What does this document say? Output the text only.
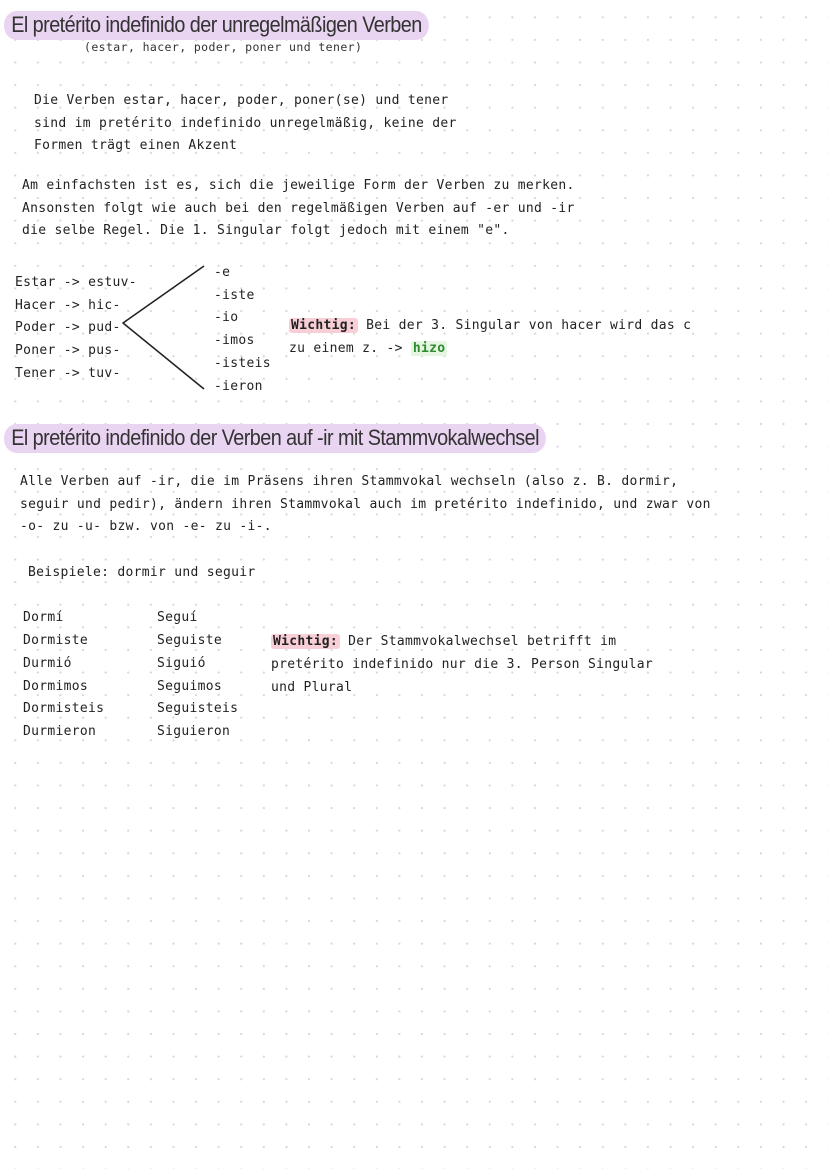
El pretérito indefinido der unregelmäßigen Verben
(estar, hacer, poder, poner und tener)
Die Verben estar, hacer, poder, poner(se) und tener
sind im pretérito indefinido unregelmäßig, keine der
Formen trägt einen Akzent
Am einfachsten ist es, sich die jeweilige Form der Verben zu merken.
Ansonsten folgt wie auch bei den regelmäßigen Verben auf -er und -ir
die selbe Regel. Die 1. Singular folgt jedoch mit einem "e".
Estar -> estuv-
Hacer -> hic-
Poder -> pud-
Poner -> pus-
Tener -> tuv-
-e
-iste
-io
-imos
-isteis
-ieron
Wichtig: Bei der 3. Singular von hacer wird das c
zu einem z. -> hizo
El pretérito indefinido der Verben auf -ir mit Stammvokalwechsel
Alle Verben auf -ir, die im Präsens ihren Stammvokal wechseln (also z. B. dormir,
seguir und pedir), ändern ihren Stammvokal auch im pretérito indefinido, und zwar von
-o- zu -u- bzw. von -e- zu -i-.
Beispiele: dormir und seguir
Dormí
Dormiste
Durmió
Dormimos
Dormisteis
Durmieron
Seguí
Seguiste
Siguió
Seguimos
Seguisteis
Siguieron
Wichtig: Der Stammvokalwechsel betrifft im
pretérito indefinido nur die 3. Person Singular
und Plural
